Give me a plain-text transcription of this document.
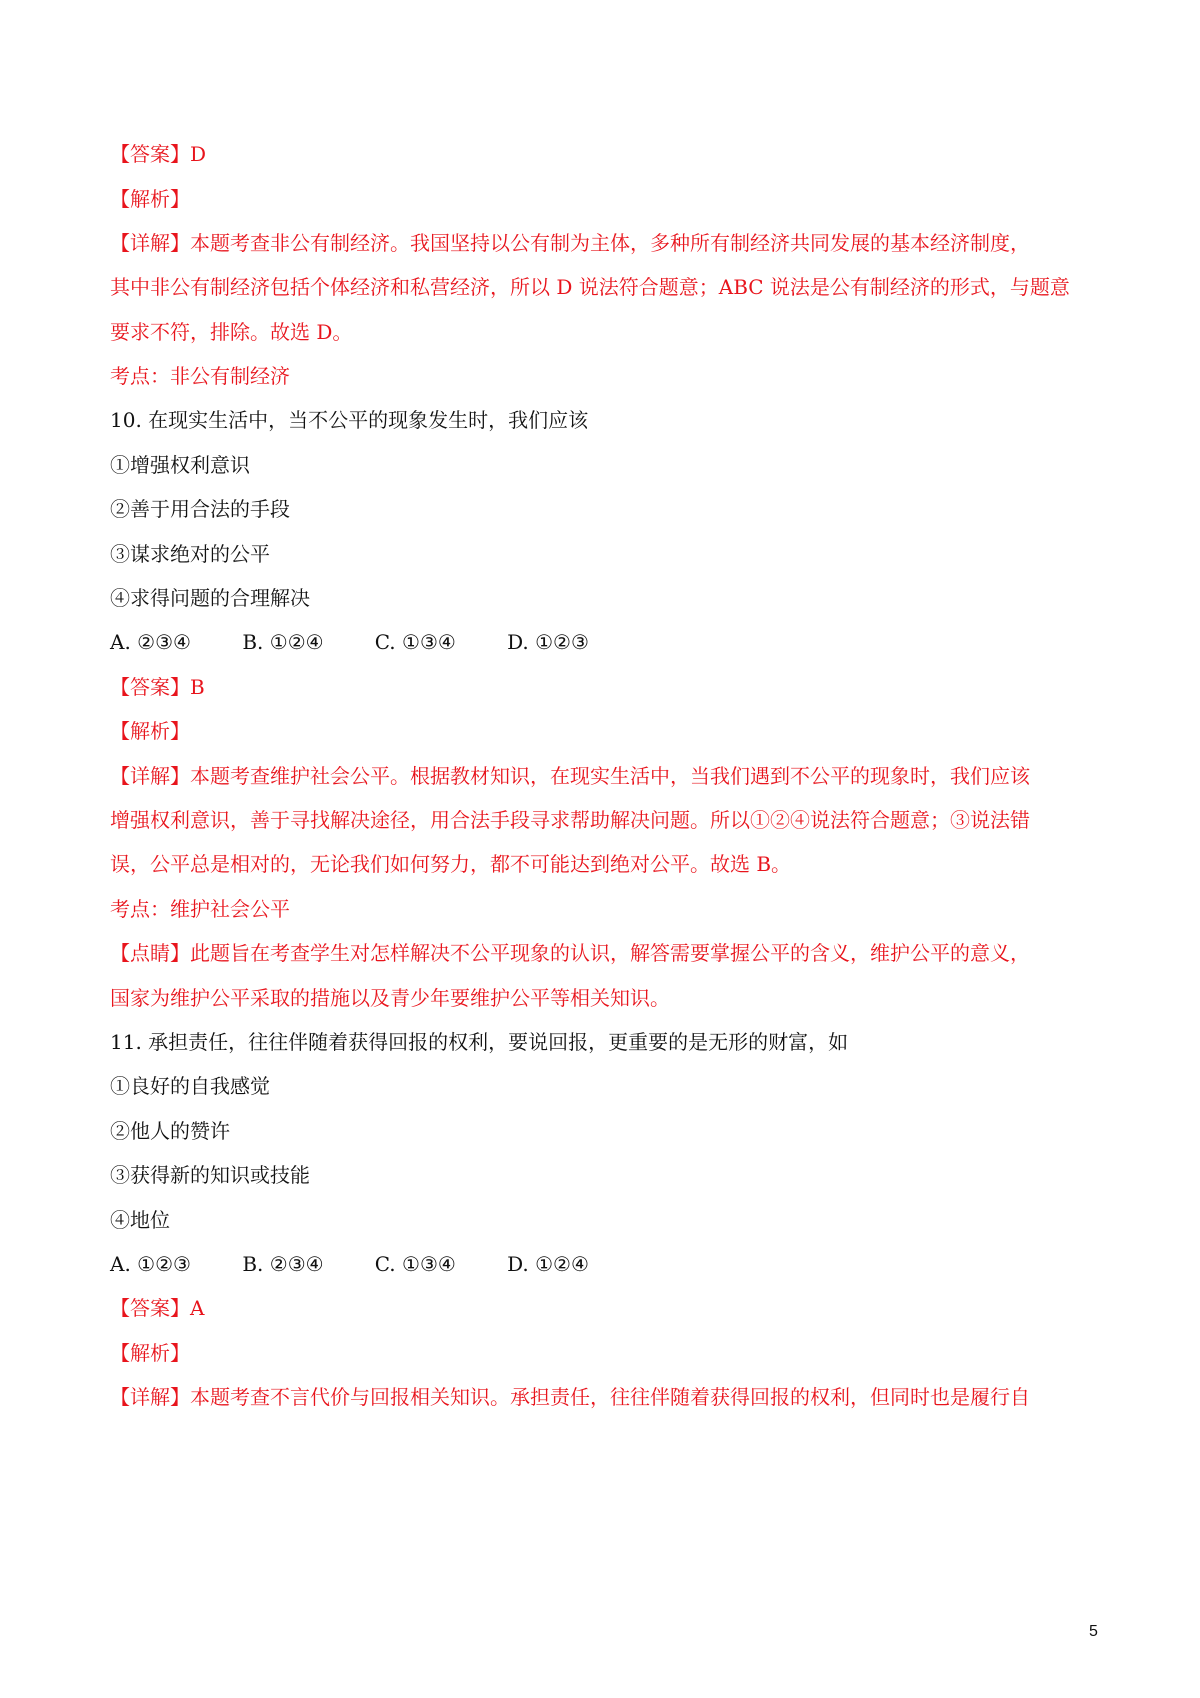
【答案】D
【解析】
【详解】本题考查非公有制经济。我国坚持以公有制为主体，多种所有制经济共同发展的基本经济制度，
其中非公有制经济包括个体经济和私营经济，所以 D 说法符合题意；ABC 说法是公有制经济的形式，与题意
要求不符，排除。故选 D。
考点：非公有制经济
10. 在现实生活中，当不公平的现象发生时，我们应该
①增强权利意识
②善于用合法的手段
③谋求绝对的公平
④求得问题的合理解决
A. ②③④	B. ①②④	C. ①③④	D. ①②③
【答案】B
【解析】
【详解】本题考查维护社会公平。根据教材知识，在现实生活中，当我们遇到不公平的现象时，我们应该
增强权利意识，善于寻找解决途径，用合法手段寻求帮助解决问题。所以①②④说法符合题意；③说法错
误，公平总是相对的，无论我们如何努力，都不可能达到绝对公平。故选 B。
考点：维护社会公平
【点睛】此题旨在考查学生对怎样解决不公平现象的认识，解答需要掌握公平的含义，维护公平的意义，
国家为维护公平采取的措施以及青少年要维护公平等相关知识。
11. 承担责任，往往伴随着获得回报的权利，要说回报，更重要的是无形的财富，如
①良好的自我感觉
②他人的赞许
③获得新的知识或技能
④地位
A. ①②③	B. ②③④	C. ①③④	D. ①②④
【答案】A
【解析】
【详解】本题考查不言代价与回报相关知识。承担责任，往往伴随着获得回报的权利，但同时也是履行自
5
